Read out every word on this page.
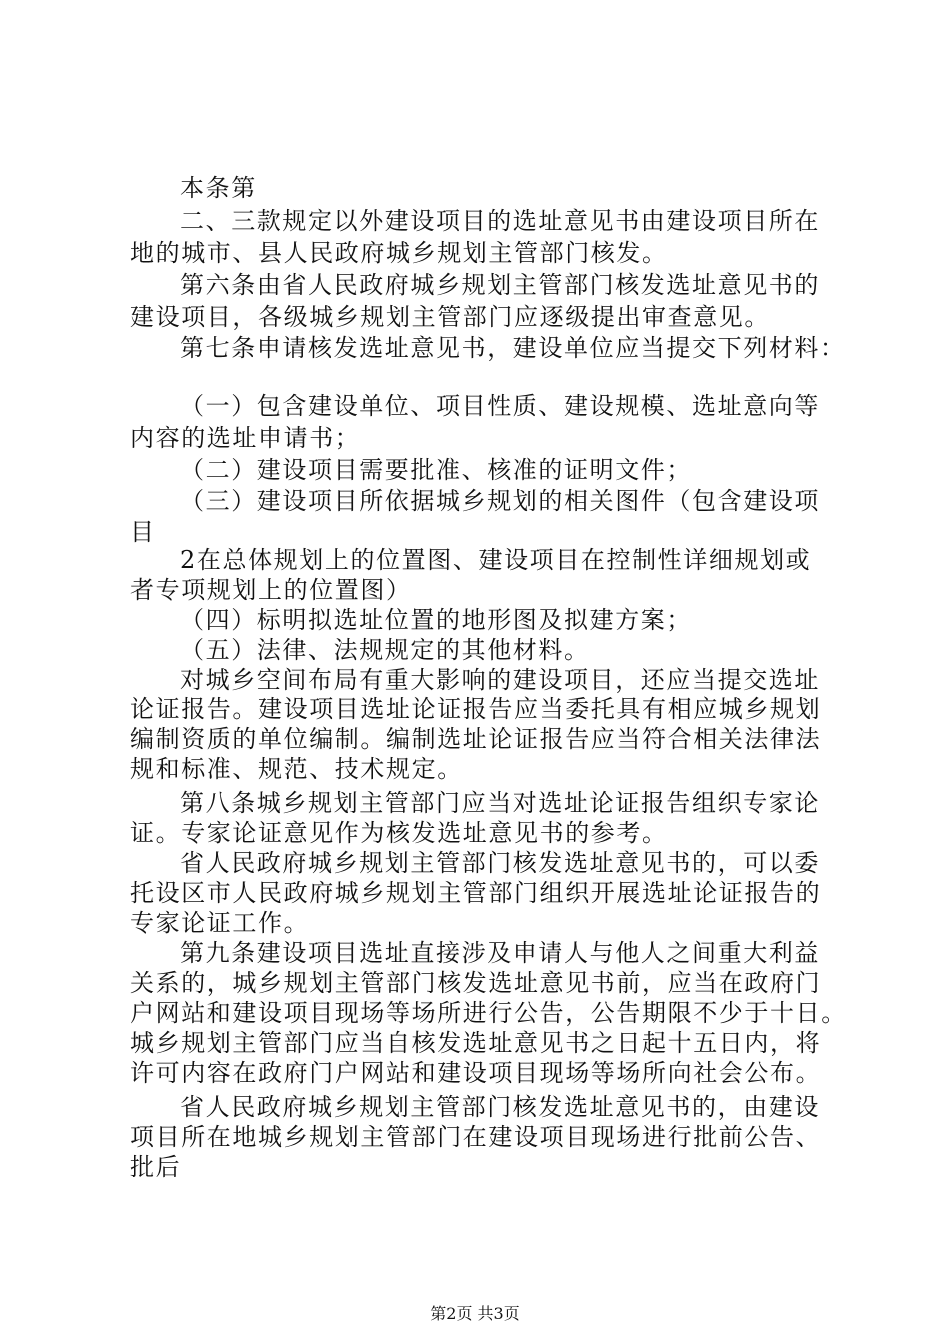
本条第
二、三款规定以外建设项目的选址意见书由建设项目所在
地的城市、县人民政府城乡规划主管部门核发。
第六条由省人民政府城乡规划主管部门核发选址意见书的
建设项目，各级城乡规划主管部门应逐级提出审查意见。
第七条申请核发选址意见书，建设单位应当提交下列材料：
（一）包含建设单位、项目性质、建设规模、选址意向等
内容的选址申请书；
（二）建设项目需要批准、核准的证明文件；
（三）建设项目所依据城乡规划的相关图件（包含建设项
目
2在总体规划上的位置图、建设项目在控制性详细规划或
者专项规划上的位置图）
（四）标明拟选址位置的地形图及拟建方案；
（五）法律、法规规定的其他材料。
对城乡空间布局有重大影响的建设项目，还应当提交选址
论证报告。建设项目选址论证报告应当委托具有相应城乡规划
编制资质的单位编制。编制选址论证报告应当符合相关法律法
规和标准、规范、技术规定。
第八条城乡规划主管部门应当对选址论证报告组织专家论
证。专家论证意见作为核发选址意见书的参考。
省人民政府城乡规划主管部门核发选址意见书的，可以委
托设区市人民政府城乡规划主管部门组织开展选址论证报告的
专家论证工作。
第九条建设项目选址直接涉及申请人与他人之间重大利益
关系的，城乡规划主管部门核发选址意见书前，应当在政府门
户网站和建设项目现场等场所进行公告，公告期限不少于十日。
城乡规划主管部门应当自核发选址意见书之日起十五日内，将
许可内容在政府门户网站和建设项目现场等场所向社会公布。
省人民政府城乡规划主管部门核发选址意见书的，由建设
项目所在地城乡规划主管部门在建设项目现场进行批前公告、
批后
第2页 共3页
